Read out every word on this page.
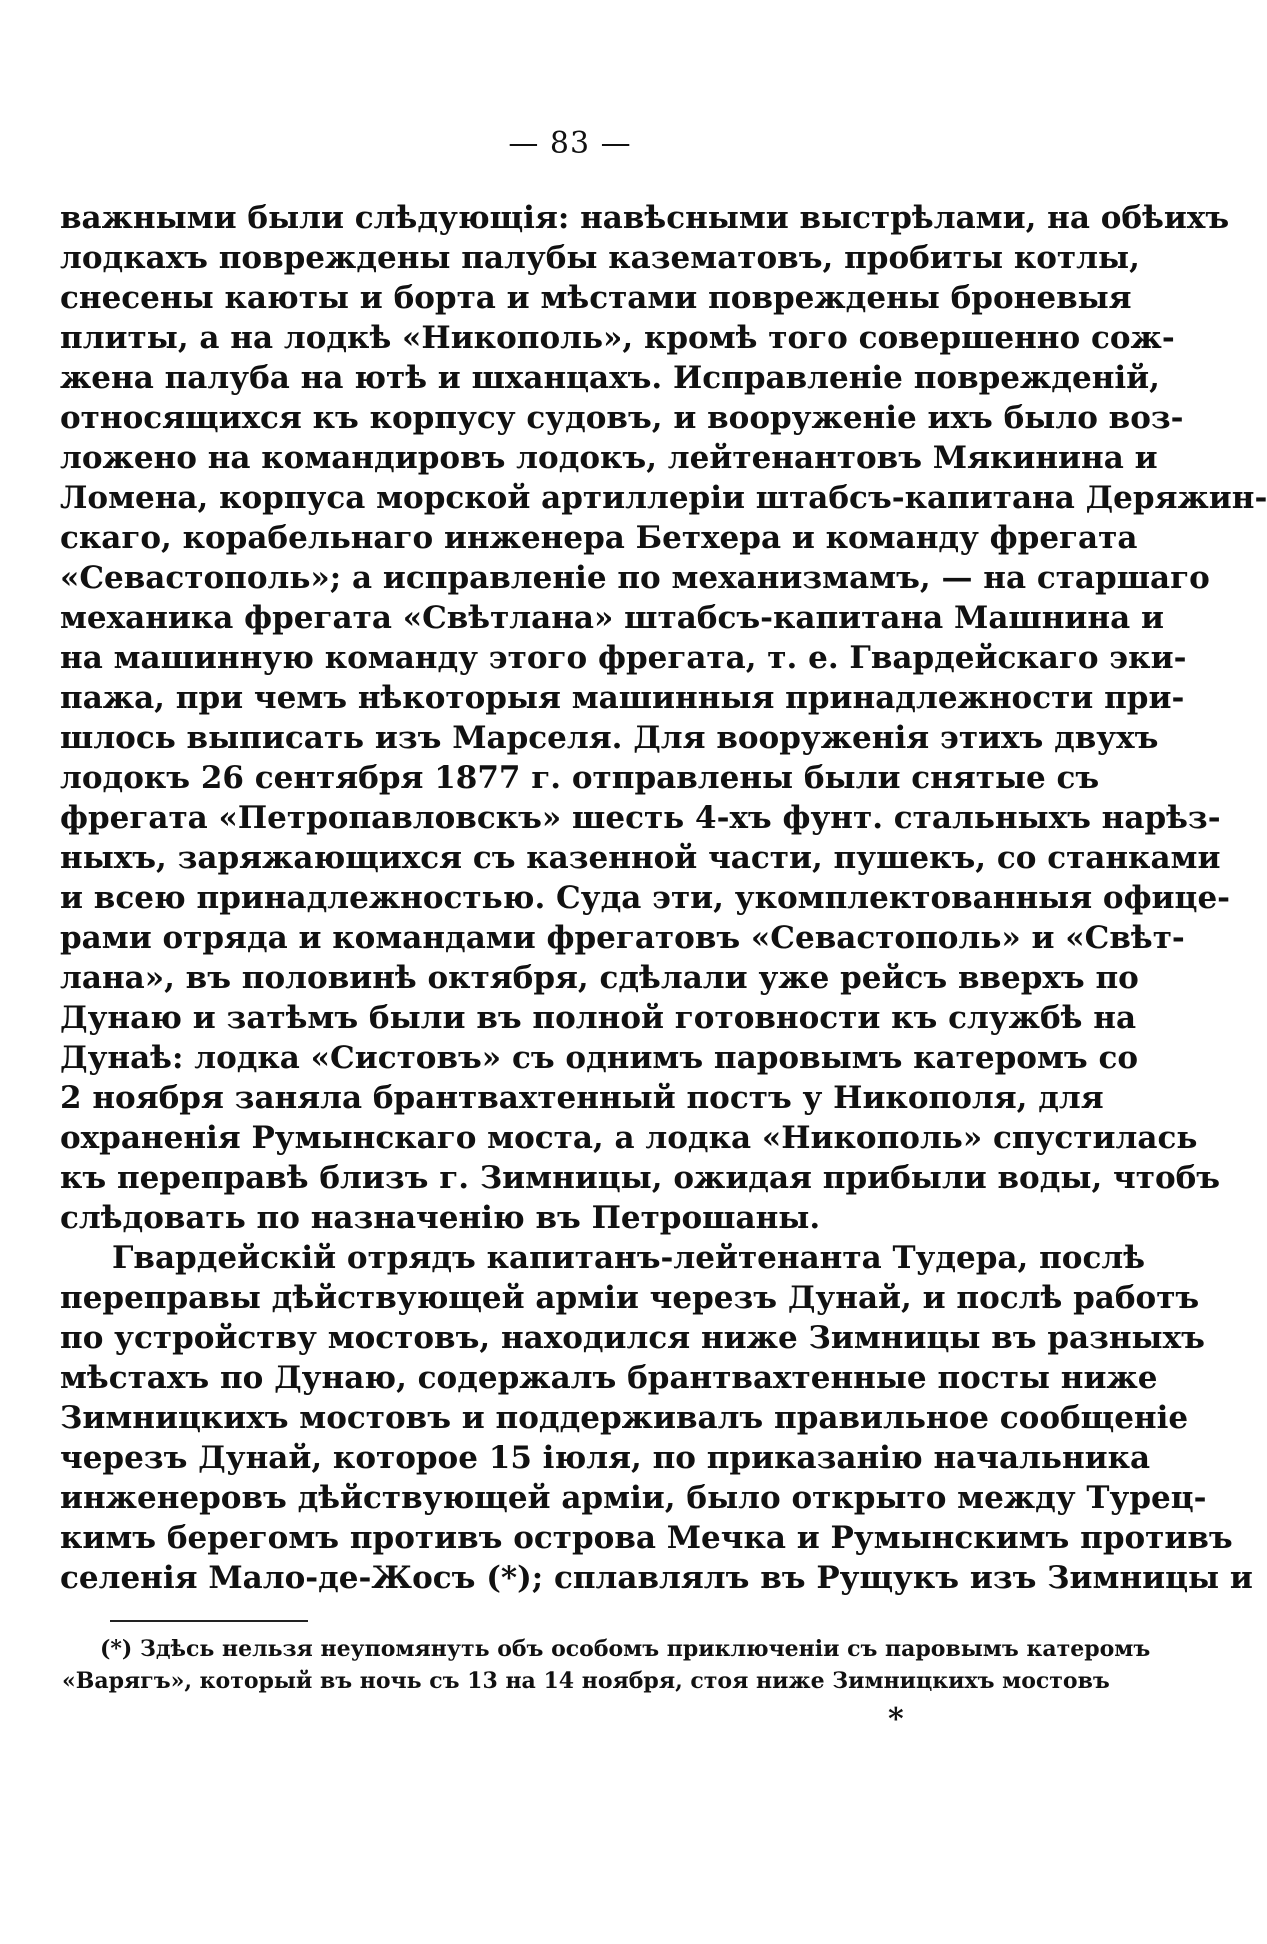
— 83 —
важными были слѣдующія: навѣсными выстрѣлами, на обѣихъ
лодкахъ повреждены палубы казематовъ, пробиты котлы,
снесены каюты и борта и мѣстами повреждены броневыя
плиты, а на лодкѣ «Никополь», кромѣ того совершенно сож-
жена палуба на ютѣ и шханцахъ. Исправленіе поврежденій,
относящихся къ корпусу судовъ, и вооруженіе ихъ было воз-
ложено на командировъ лодокъ, лейтенантовъ Мякинина и
Ломена, корпуса морской артиллеріи штабсъ-капитана Деряжин-
скаго, корабельнаго инженера Бетхера и команду фрегата
«Севастополь»; а исправленіе по механизмамъ, — на старшаго
механика фрегата «Свѣтлана» штабсъ-капитана Машнина и
на машинную команду этого фрегата, т. е. Гвардейскаго эки-
пажа, при чемъ нѣкоторыя машинныя принадлежности при-
шлось выписать изъ Марселя. Для вооруженія этихъ двухъ
лодокъ 26 сентября 1877 г. отправлены были снятые съ
фрегата «Петропавловскъ» шесть 4-хъ фунт. стальныхъ нарѣз-
ныхъ, заряжающихся съ казенной части, пушекъ, со станками
и всею принадлежностью. Суда эти, укомплектованныя офице-
рами отряда и командами фрегатовъ «Севастополь» и «Свѣт-
лана», въ половинѣ октября, сдѣлали уже рейсъ вверхъ по
Дунаю и затѣмъ были въ полной готовности къ службѣ на
Дунаѣ: лодка «Систовъ» съ однимъ паровымъ катеромъ со
2 ноября заняла брантвахтенный постъ у Никополя, для
охраненія Румынскаго моста, а лодка «Никополь» спустилась
къ переправѣ близъ г. Зимницы, ожидая прибыли воды, чтобъ
слѣдовать по назначенію въ Петрошаны.
Гвардейскій отрядъ капитанъ-лейтенанта Тудера, послѣ
переправы дѣйствующей арміи черезъ Дунай, и послѣ работъ
по устройству мостовъ, находился ниже Зимницы въ разныхъ
мѣстахъ по Дунаю, содержалъ брантвахтенные посты ниже
Зимницкихъ мостовъ и поддерживалъ правильное сообщеніе
черезъ Дунай, которое 15 іюля, по приказанію начальника
инженеровъ дѣйствующей арміи, было открыто между Турец-
кимъ берегомъ противъ острова Мечка и Румынскимъ противъ
селенія Мало-де-Жосъ (*); сплавлялъ въ Рущукъ изъ Зимницы и
(*) Здѣсь нельзя неупомянуть объ особомъ приключеніи съ паровымъ катеромъ
«Варягъ», который въ ночь съ 13 на 14 ноября, стоя ниже Зимницкихъ мостовъ
*
